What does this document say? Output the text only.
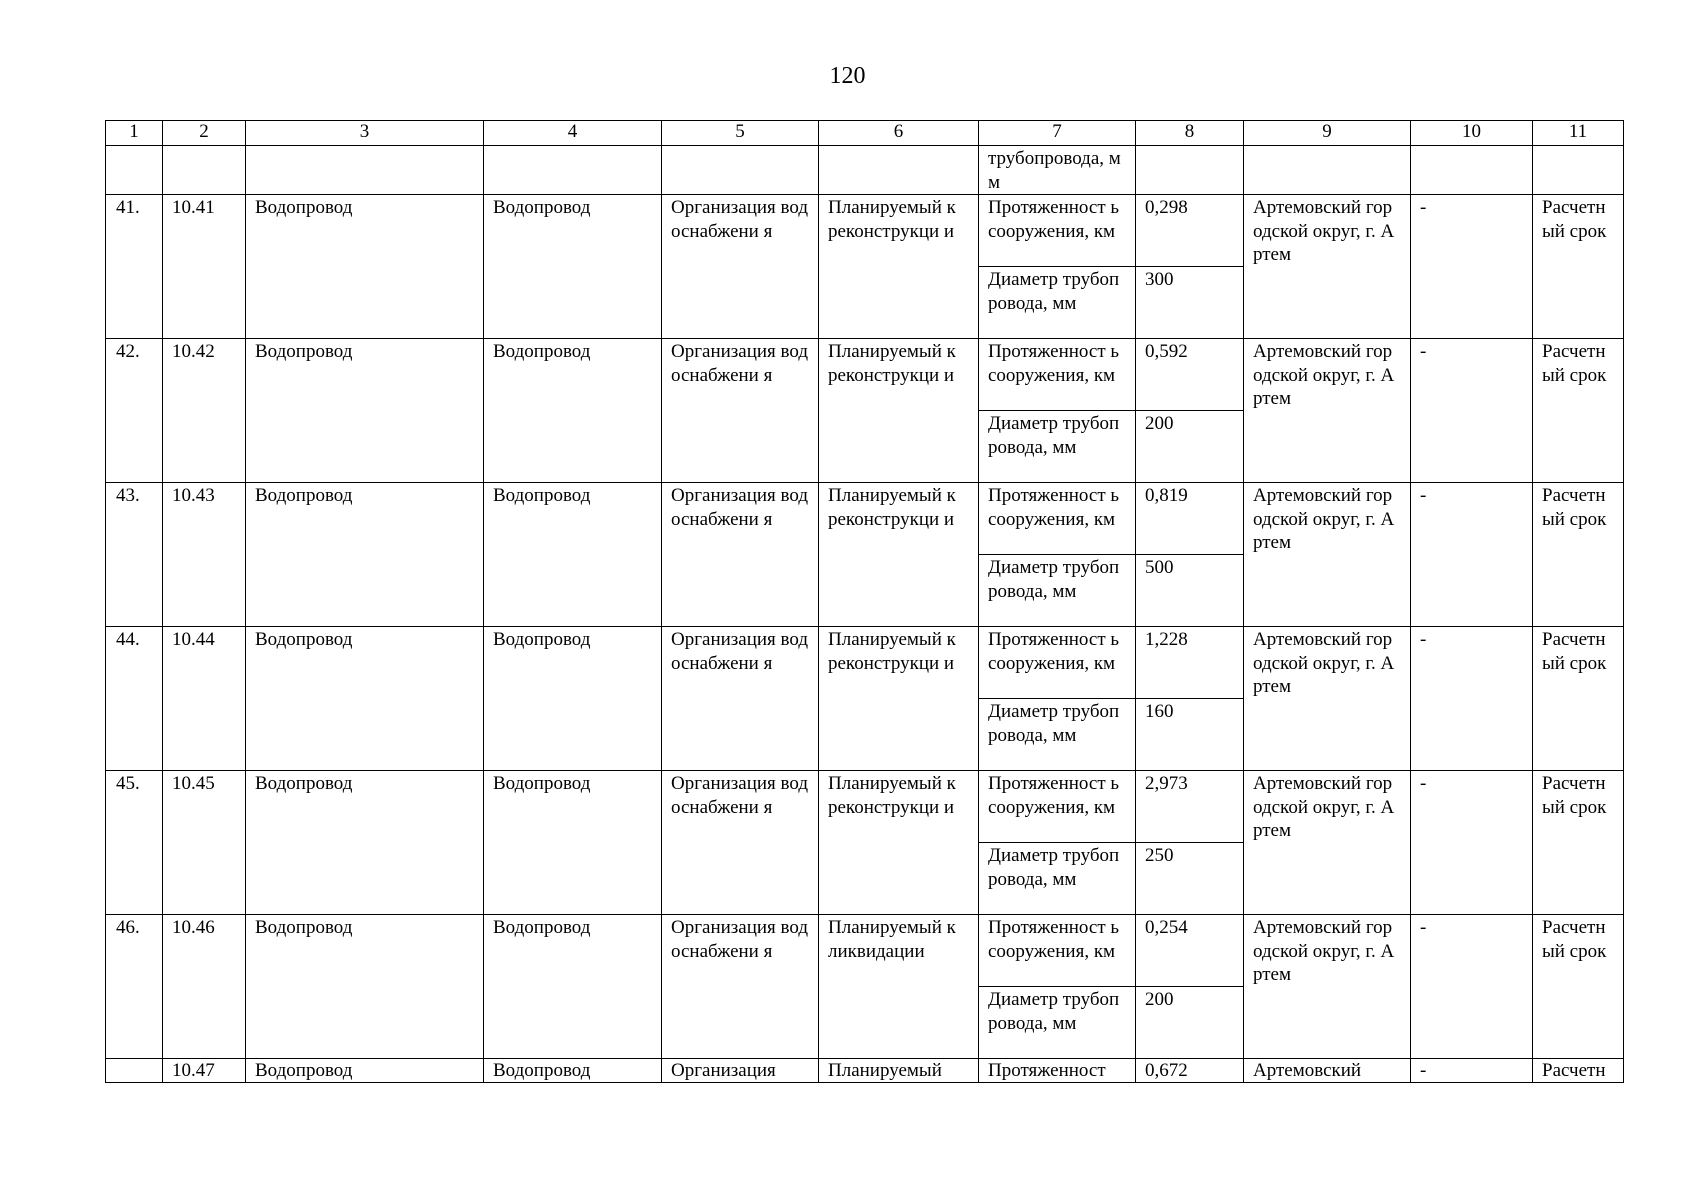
120
1	2	3	4	5	6	7	8	9	10	11
						трубопровода, мм				
41.	10.41	Водопровод	Водопровод	Организация водоснабжени я	Планируемый к реконструкци и	Протяженност ь сооружения, км	0,298	Артемовский городской округ, г. Артем	-	Расчетн ый срок
						Диаметр трубопровода, мм	300			
42.	10.42	Водопровод	Водопровод	Организация водоснабжени я	Планируемый к реконструкци и	Протяженност ь сооружения, км	0,592	Артемовский городской округ, г. Артем	-	Расчетн ый срок
						Диаметр трубопровода, мм	200			
43.	10.43	Водопровод	Водопровод	Организация водоснабжени я	Планируемый к реконструкци и	Протяженност ь сооружения, км	0,819	Артемовский городской округ, г. Артем	-	Расчетн ый срок
						Диаметр трубопровода, мм	500			
44.	10.44	Водопровод	Водопровод	Организация водоснабжени я	Планируемый к реконструкци и	Протяженност ь сооружения, км	1,228	Артемовский городской округ, г. Артем	-	Расчетн ый срок
						Диаметр трубопровода, мм	160			
45.	10.45	Водопровод	Водопровод	Организация водоснабжени я	Планируемый к реконструкци и	Протяженност ь сооружения, км	2,973	Артемовский городской округ, г. Артем	-	Расчетн ый срок
						Диаметр трубопровода, мм	250			
46.	10.46	Водопровод	Водопровод	Организация водоснабжени я	Планируемый к ликвидации	Протяженност ь сооружения, км	0,254	Артемовский городской округ, г. Артем	-	Расчетн ый срок
						Диаметр трубопровода, мм	200			
	10.47	Водопровод	Водопровод	Организация	Планируемый	Протяженност	0,672	Артемовский	-	Расчетн
